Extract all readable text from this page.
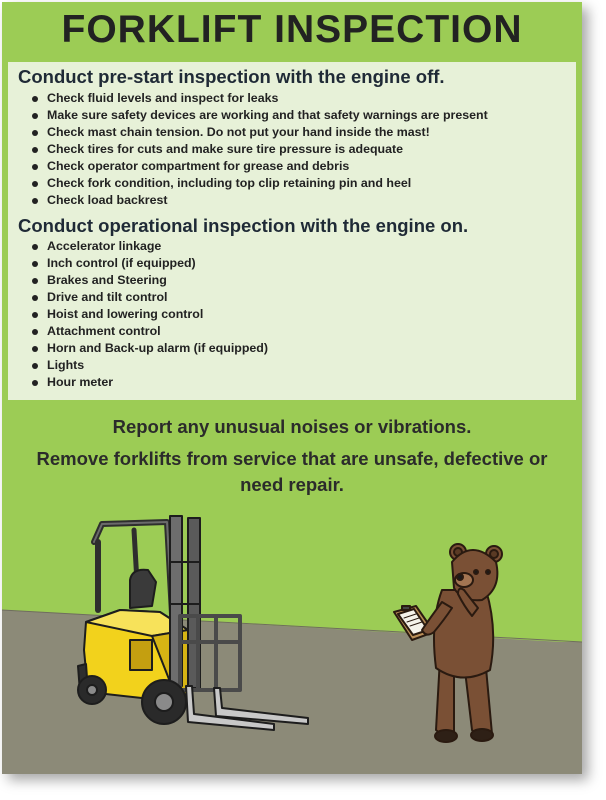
FORKLIFT INSPECTION
Conduct pre-start inspection with the engine off.
Check fluid levels and inspect for leaks
Make sure safety devices are working and that safety warnings are present
Check mast chain tension. Do not put your hand inside the mast!
Check tires for cuts and make sure tire pressure is adequate
Check operator compartment for grease and debris
Check fork condition, including top clip retaining pin and heel
Check load backrest
Conduct operational inspection with the engine on.
Accelerator linkage
Inch control (if equipped)
Brakes and Steering
Drive and tilt control
Hoist and lowering control
Attachment control
Horn and Back-up alarm (if equipped)
Lights
Hour meter
Report any unusual noises or vibrations.
Remove forklifts from service that are unsafe, defective or
need repair.
